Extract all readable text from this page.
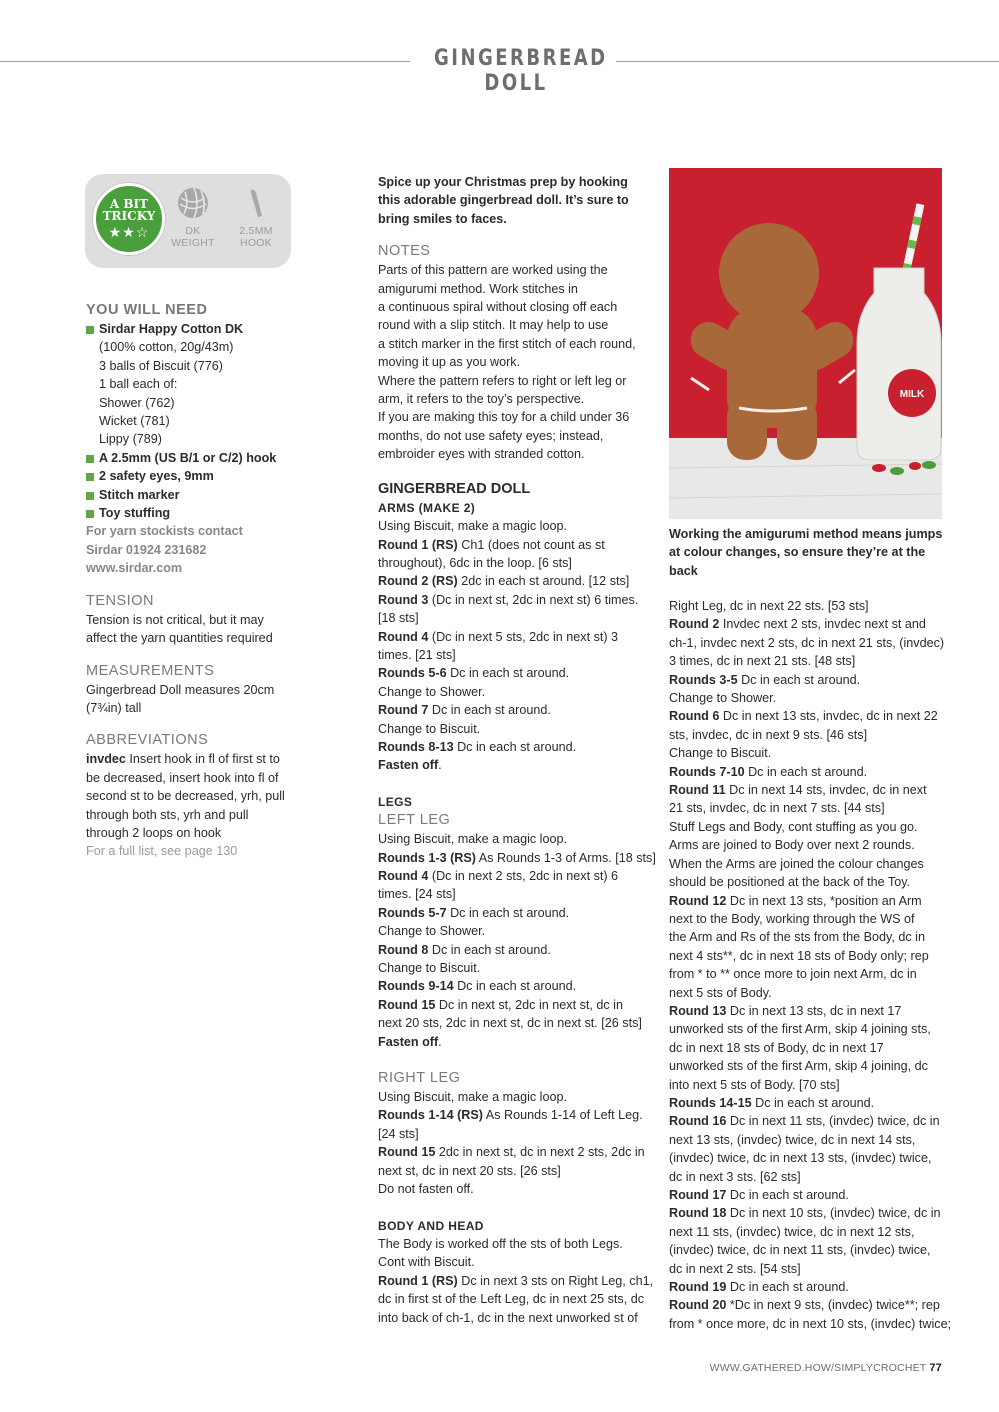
GINGERBREAD DOLL
A BIT TRICKY
★★☆	DK
WEIGHT
2.5MM
HOOK

YOU WILL NEED

Sirdar Happy Cotton DK
(100% cotton, 20g/43m)
3 balls of Biscuit (776)
1 ball each of:
Shower (762)
Wicket (781)
Lippy (789)
A 2.5mm (US B/1 or C/2) hook
2 safety eyes, 9mm
Stitch marker
Toy stuffing

For yarn stockists contact

Sirdar 01924 231682

www.sirdar.com

TENSION

Tension is not critical, but it may

affect the yarn quantities required

MEASUREMENTS

Gingerbread Doll measures 20cm

(7¾in) tall

ABBREVIATIONS

invdec Insert hook in fl of first st to

be decreased, insert hook into fl of

second st to be decreased, yrh, pull

through both sts, yrh and pull

through 2 loops on hook

For a full list, see page 130

Spice up your Christmas prep by hooking

this adorable gingerbread doll. It’s sure to

bring smiles to faces.

NOTES

Parts of this pattern are worked using the

amigurumi method. Work stitches in

a continuous spiral without closing off each

round with a slip stitch. It may help to use

a stitch marker in the first stitch of each round,

moving it up as you work.

Where the pattern refers to right or left leg or

arm, it refers to the toy’s perspective.

If you are making this toy for a child under 36

months, do not use safety eyes; instead,

embroider eyes with stranded cotton.

GINGERBREAD DOLL

ARMS (MAKE 2)

Using Biscuit, make a magic loop.

Round 1 (RS) Ch1 (does not count as st

throughout), 6dc in the loop. [6 sts]

Round 2 (RS) 2dc in each st around. [12 sts]

Round 3 (Dc in next st, 2dc in next st) 6 times.

[18 sts]

Round 4 (Dc in next 5 sts, 2dc in next st) 3

times. [21 sts]

Rounds 5-6 Dc in each st around.

Change to Shower.

Round 7 Dc in each st around.

Change to Biscuit.

Rounds 8-13 Dc in each st around.

Fasten off.

LEGS

LEFT LEG

Using Biscuit, make a magic loop.

Rounds 1-3 (RS) As Rounds 1-3 of Arms. [18 sts]

Round 4 (Dc in next 2 sts, 2dc in next st) 6

times. [24 sts]

Rounds 5-7 Dc in each st around.

Change to Shower.

Round 8 Dc in each st around.

Change to Biscuit.

Rounds 9-14 Dc in each st around.

Round 15 Dc in next st, 2dc in next st, dc in

next 20 sts, 2dc in next st, dc in next st. [26 sts]

Fasten off.

RIGHT LEG

Using Biscuit, make a magic loop.

Rounds 1-14 (RS) As Rounds 1-14 of Left Leg.

[24 sts]

Round 15 2dc in next st, dc in next 2 sts, 2dc in

next st, dc in next 20 sts. [26 sts]

Do not fasten off.

BODY AND HEAD

The Body is worked off the sts of both Legs.

Cont with Biscuit.

Round 1 (RS) Dc in next 3 sts on Right Leg, ch1,

dc in first st of the Left Leg, dc in next 25 sts, dc

into back of ch-1, dc in the next unworked st of

MILK

Working the amigurumi method means jumps

at colour changes, so ensure they’re at the back

Right Leg, dc in next 22 sts. [53 sts]

Round 2 Invdec next 2 sts, invdec next st and

ch-1, invdec next 2 sts, dc in next 21 sts, (invdec)

3 times, dc in next 21 sts. [48 sts]

Rounds 3-5 Dc in each st around.

Change to Shower.

Round 6 Dc in next 13 sts, invdec, dc in next 22

sts, invdec, dc in next 9 sts. [46 sts]

Change to Biscuit.

Rounds 7-10 Dc in each st around.

Round 11 Dc in next 14 sts, invdec, dc in next

21 sts, invdec, dc in next 7 sts. [44 sts]

Stuff Legs and Body, cont stuffing as you go.

Arms are joined to Body over next 2 rounds.

When the Arms are joined the colour changes

should be positioned at the back of the Toy.

Round 12 Dc in next 13 sts, *position an Arm

next to the Body, working through the WS of

the Arm and Rs of the sts from the Body, dc in

next 4 sts**, dc in next 18 sts of Body only; rep

from * to ** once more to join next Arm, dc in

next 5 sts of Body.

Round 13 Dc in next 13 sts, dc in next 17

unworked sts of the first Arm, skip 4 joining sts,

dc in next 18 sts of Body, dc in next 17

unworked sts of the first Arm, skip 4 joining, dc

into next 5 sts of Body. [70 sts]

Rounds 14-15 Dc in each st around.

Round 16 Dc in next 11 sts, (invdec) twice, dc in

next 13 sts, (invdec) twice, dc in next 14 sts,

(invdec) twice, dc in next 13 sts, (invdec) twice,

dc in next 3 sts. [62 sts]

Round 17 Dc in each st around.

Round 18 Dc in next 10 sts, (invdec) twice, dc in

next 11 sts, (invdec) twice, dc in next 12 sts,

(invdec) twice, dc in next 11 sts, (invdec) twice,

dc in next 2 sts. [54 sts]

Round 19 Dc in each st around.

Round 20 *Dc in next 9 sts, (invdec) twice**; rep

from * once more, dc in next 10 sts, (invdec) twice;

WWW.GATHERED.HOW/SIMPLYCROCHET 77
